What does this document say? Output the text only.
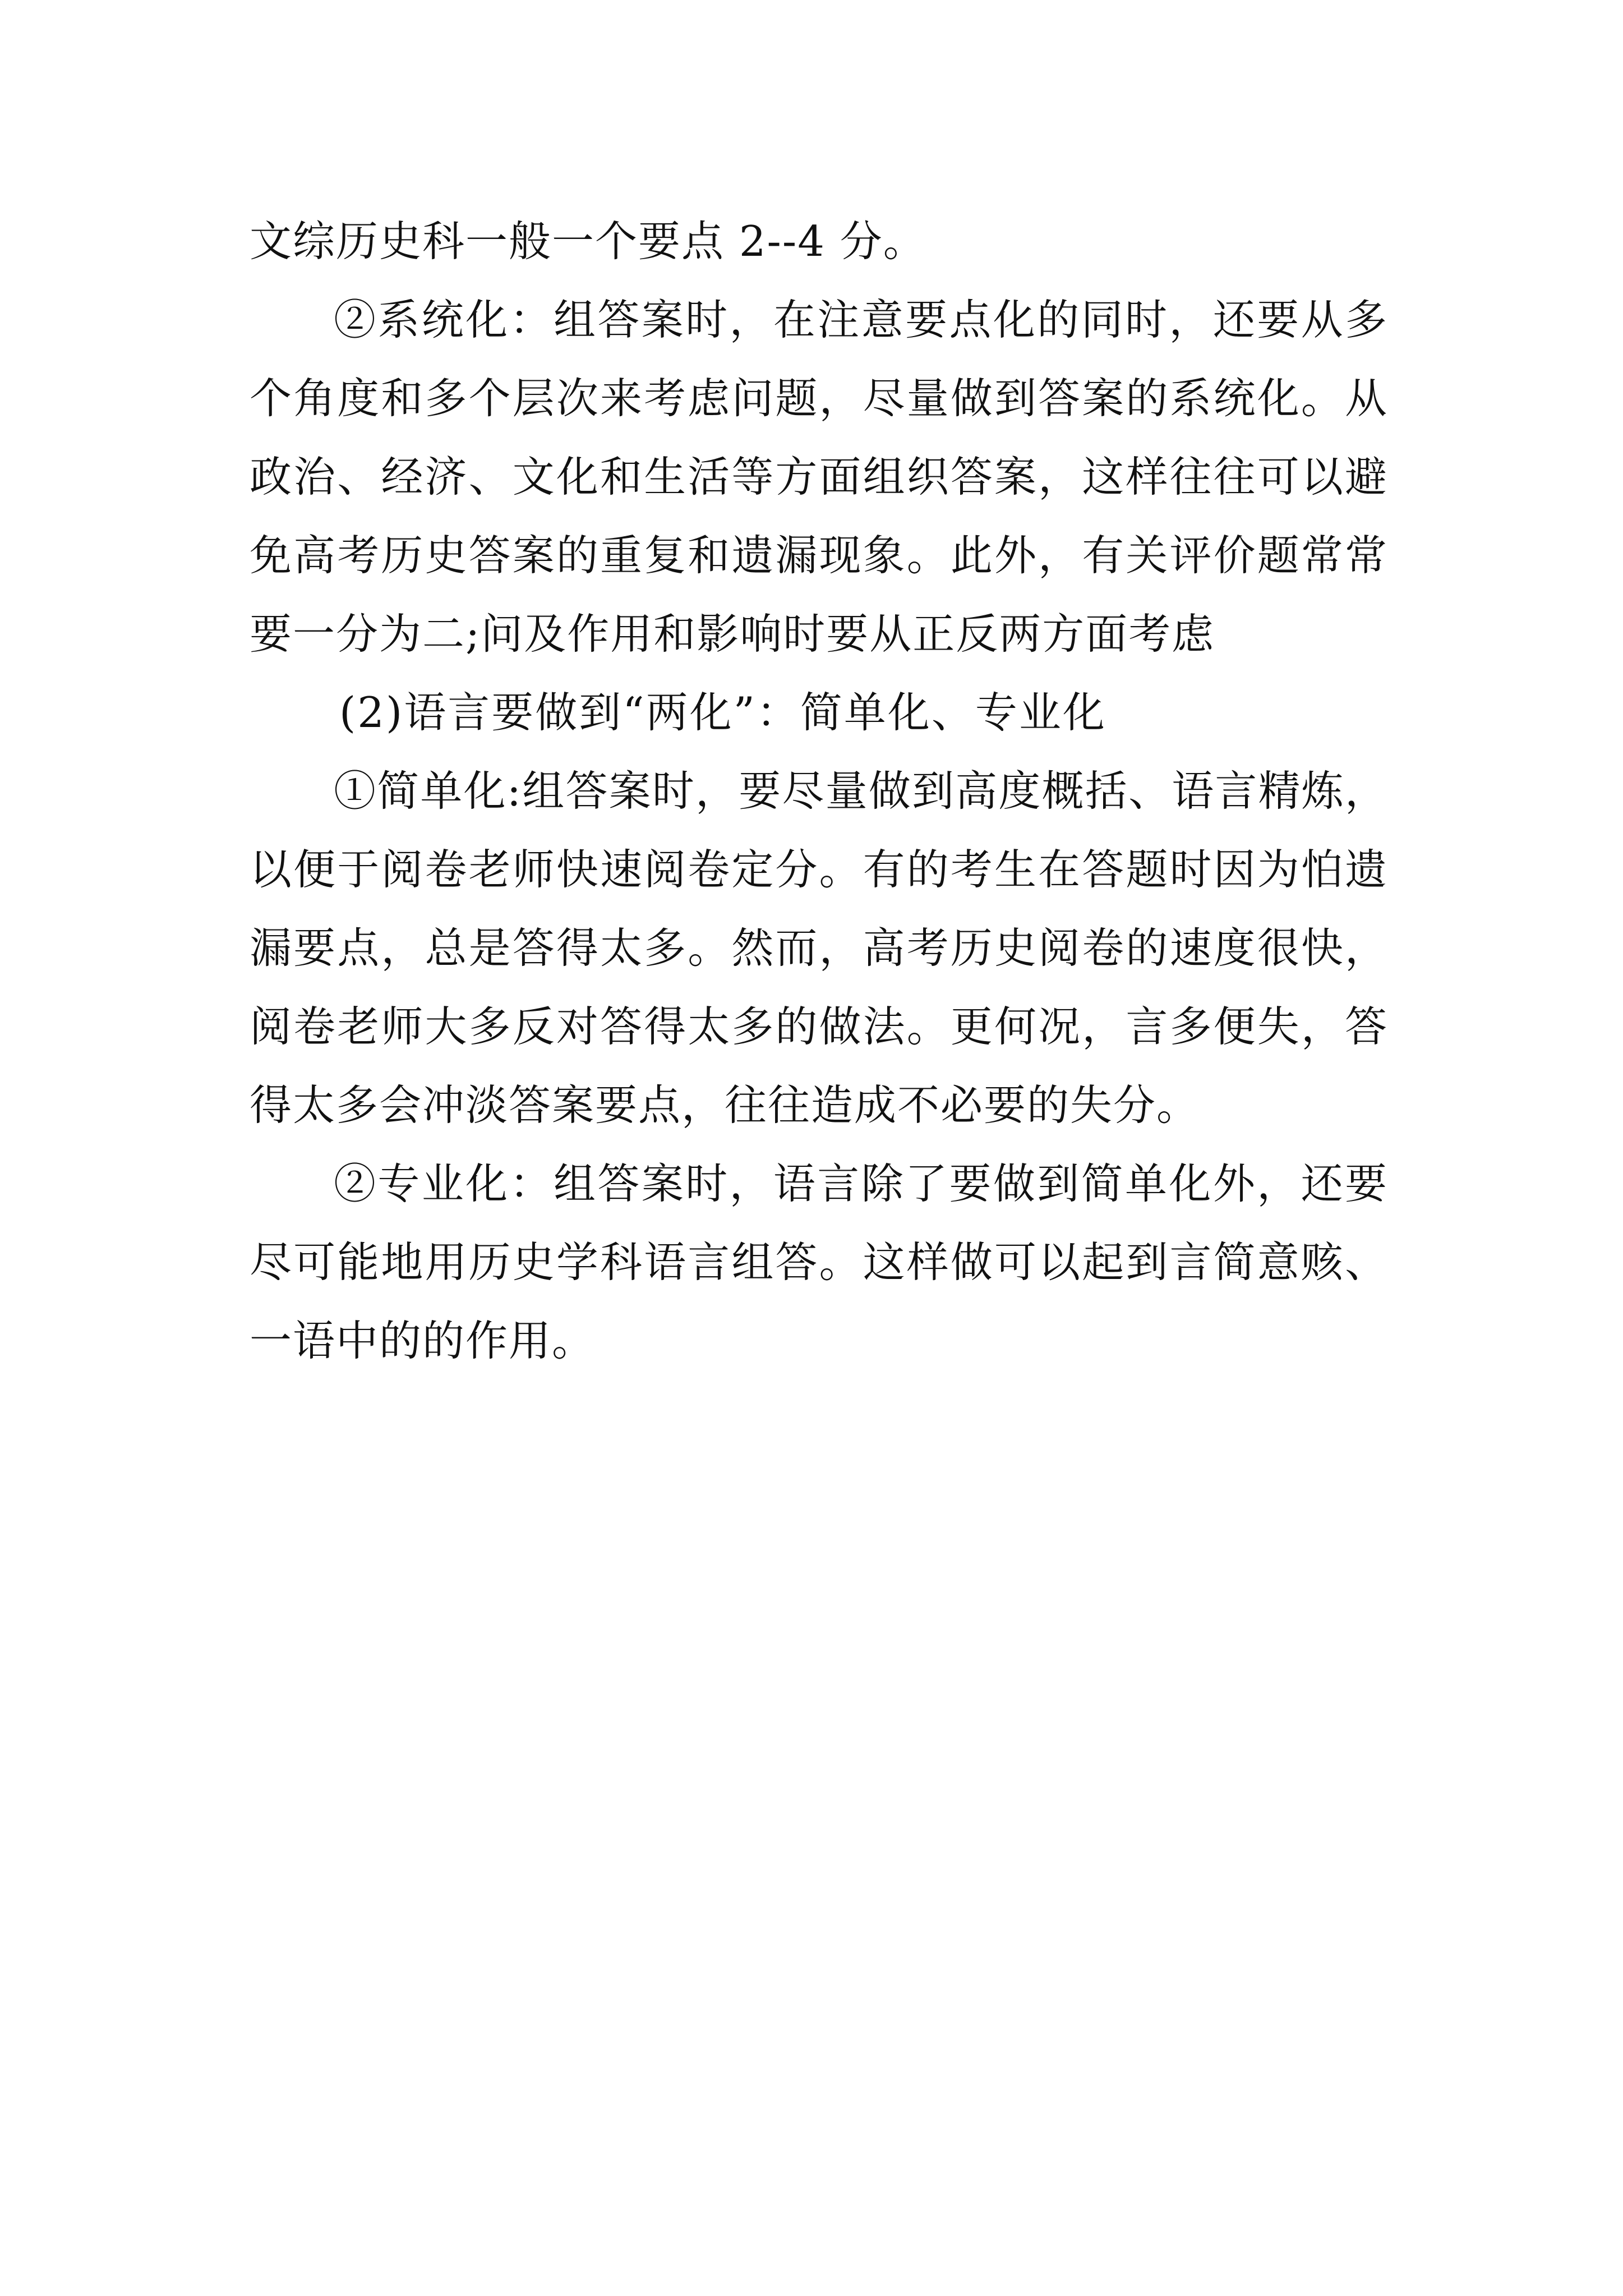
文综历史科一般一个要点 2--4 分。

②系统化：组答案时，在注意要点化的同时，还要从多个角度和多个层次来考虑问题，尽量做到答案的系统化。从政治、经济、文化和生活等方面组织答案，这样往往可以避免高考历史答案的重复和遗漏现象。此外，有关评价题常常要一分为二;问及作用和影响时要从正反两方面考虑

(2)语言要做到“两化”：简单化、专业化

①简单化:组答案时，要尽量做到高度概括、语言精炼，以便于阅卷老师快速阅卷定分。有的考生在答题时因为怕遗漏要点，总是答得太多。然而，高考历史阅卷的速度很快，阅卷老师大多反对答得太多的做法。更何况，言多便失，答得太多会冲淡答案要点，往往造成不必要的失分。

②专业化：组答案时，语言除了要做到简单化外，还要尽可能地用历史学科语言组答。这样做可以起到言简意赅、一语中的的作用。
